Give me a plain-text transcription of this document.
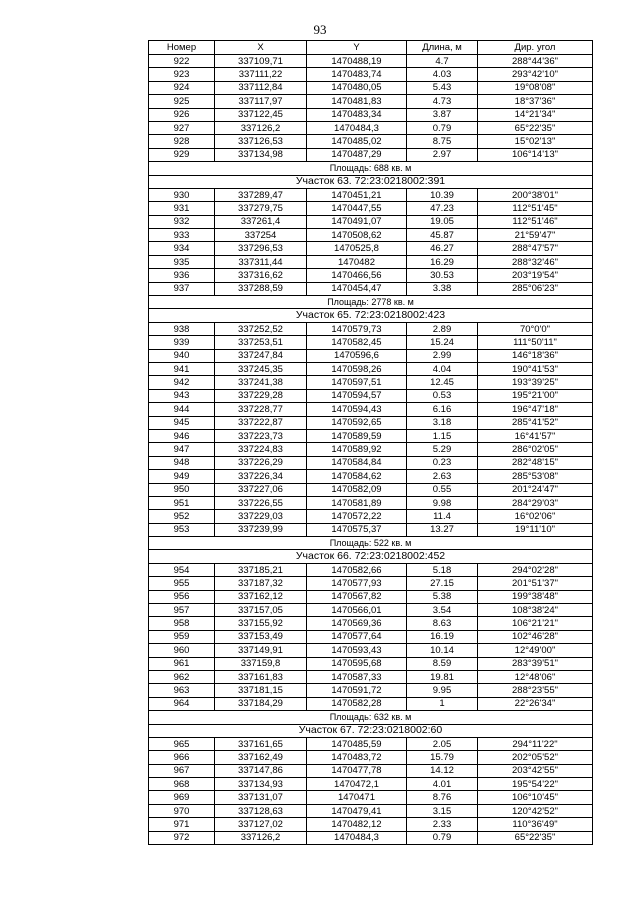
93
Номер	X	Y	Длина, м	Дир. угол
922	337109,71	1470488,19	4.7	288°44'36"
923	337111,22	1470483,74	4.03	293°42'10"
924	337112,84	1470480,05	5.43	19°08'08"
925	337117,97	1470481,83	4.73	18°37'36"
926	337122,45	1470483,34	3.87	14°21'34"
927	337126,2	1470484,3	0.79	65°22'35"
928	337126,53	1470485,02	8.75	15°02'13"
929	337134,98	1470487,29	2.97	106°14'13"
Площадь: 688 кв. м				
Участок 63. 72:23:0218002:391				
930	337289,47	1470451,21	10.39	200°38'01"
931	337279,75	1470447,55	47.23	112°51'45"
932	337261,4	1470491,07	19.05	112°51'46"
933	337254	1470508,62	45.87	21°59'47"
934	337296,53	1470525,8	46.27	288°47'57"
935	337311,44	1470482	16.29	288°32'46"
936	337316,62	1470466,56	30.53	203°19'54"
937	337288,59	1470454,47	3.38	285°06'23"
Площадь: 2778 кв. м				
Участок 65. 72:23:0218002:423				
938	337252,52	1470579,73	2.89	70°0'0"
939	337253,51	1470582,45	15.24	111°50'11"
940	337247,84	1470596,6	2.99	146°18'36"
941	337245,35	1470598,26	4.04	190°41'53"
942	337241,38	1470597,51	12.45	193°39'25"
943	337229,28	1470594,57	0.53	195°21'00"
944	337228,77	1470594,43	6.16	196°47'18"
945	337222,87	1470592,65	3.18	285°41'52"
946	337223,73	1470589,59	1.15	16°41'57"
947	337224,83	1470589,92	5.29	286°02'05"
948	337226,29	1470584,84	0.23	282°48'15"
949	337226,34	1470584,62	2.63	285°53'08"
950	337227,06	1470582,09	0.55	201°24'47"
951	337226,55	1470581,89	9.98	284°29'03"
952	337229,03	1470572,22	11.4	16°02'06"
953	337239,99	1470575,37	13.27	19°11'10"
Площадь: 522 кв. м				
Участок 66. 72:23:0218002:452				
954	337185,21	1470582,66	5.18	294°02'28"
955	337187,32	1470577,93	27.15	201°51'37"
956	337162,12	1470567,82	5.38	199°38'48"
957	337157,05	1470566,01	3.54	108°38'24"
958	337155,92	1470569,36	8.63	106°21'21"
959	337153,49	1470577,64	16.19	102°46'28"
960	337149,91	1470593,43	10.14	12°49'00"
961	337159,8	1470595,68	8.59	283°39'51"
962	337161,83	1470587,33	19.81	12°48'06"
963	337181,15	1470591,72	9.95	288°23'55"
964	337184,29	1470582,28	1	22°26'34"
Площадь: 632 кв. м				
Участок 67. 72:23:0218002:60				
965	337161,65	1470485,59	2.05	294°11'22"
966	337162,49	1470483,72	15.79	202°05'52"
967	337147,86	1470477,78	14.12	203°42'55"
968	337134,93	1470472,1	4.01	195°54'22"
969	337131,07	1470471	8.76	106°10'45"
970	337128,63	1470479,41	3.15	120°42'52"
971	337127,02	1470482,12	2.33	110°36'49"
972	337126,2	1470484,3	0.79	65°22'35"
